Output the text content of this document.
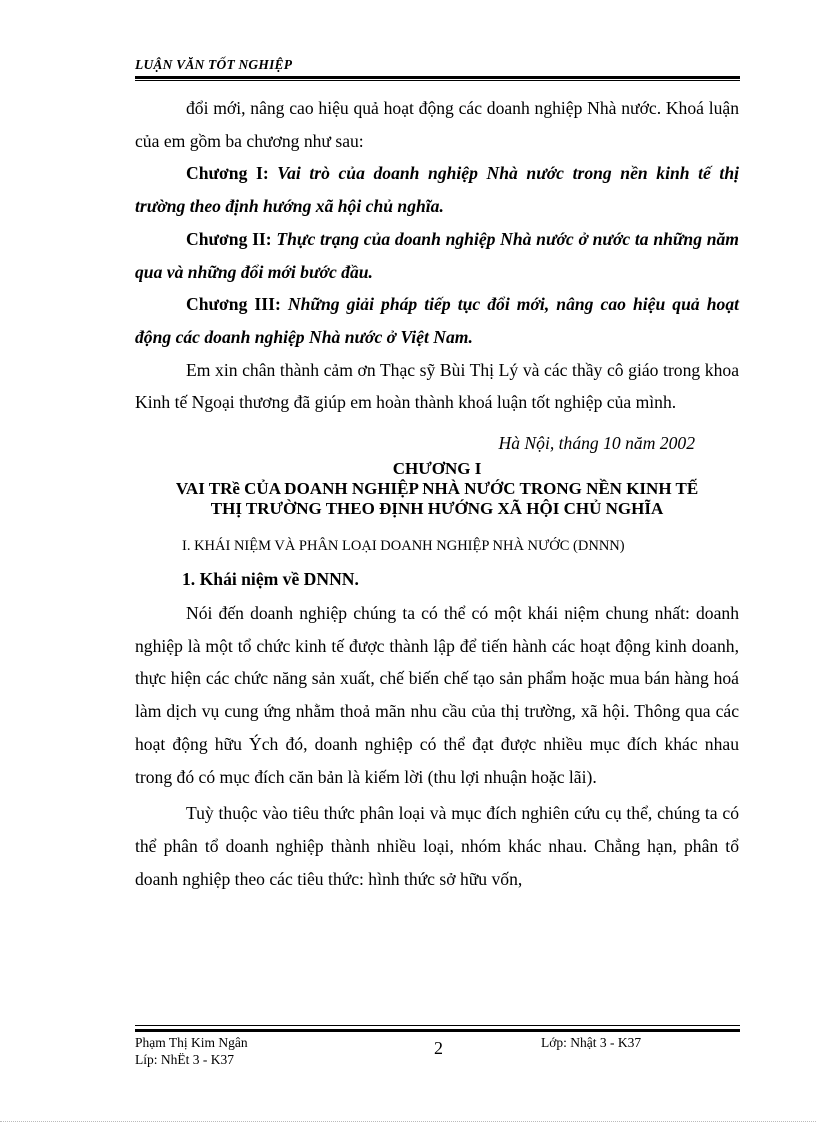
LUẬN VĂN TỐT NGHIỆP

đổi mới, nâng cao hiệu quả hoạt động các doanh nghiệp Nhà nước. Khoá luận của em gồm ba chương như sau:

Chương I: Vai trò của doanh nghiệp Nhà nước trong nền kinh tế thị trường theo định hướng xã hội chủ nghĩa.

Chương II: Thực trạng của doanh nghiệp Nhà nước ở nước ta những năm qua và những đổi mới bước đầu.

Chương III: Những giải pháp tiếp tục đổi mới, nâng cao hiệu quả hoạt động các doanh nghiệp Nhà nước ở Việt Nam.

Em xin chân thành cảm ơn Thạc sỹ Bùi Thị Lý và các thầy cô giáo trong khoa Kinh tế Ngoại thương đã giúp em hoàn thành khoá luận tốt nghiệp của mình.

Hà Nội, tháng 10 năm 2002

CHƯƠNG I

VAI TRề CỦA DOANH NGHIỆP NHÀ NƯỚC TRONG NỀN KINH TẾ

THỊ TRƯỜNG THEO ĐỊNH HƯỚNG XÃ HỘI CHỦ NGHĨA

I. KHÁI NIỆM VÀ PHÂN LOẠI DOANH NGHIỆP NHÀ NƯỚC (DNNN)

1. Khái niệm về DNNN.

Nói đến doanh nghiệp chúng ta có thể có một khái niệm chung nhất: doanh nghiệp là một tổ chức kinh tế được thành lập để tiến hành các hoạt động kinh doanh, thực hiện các chức năng sản xuất, chế biến chế tạo sản phẩm hoặc mua bán hàng hoá làm dịch vụ cung ứng nhằm thoả mãn nhu cầu của thị trường, xã hội. Thông qua các hoạt động hữu Ých đó, doanh nghiệp có thể đạt được nhiều mục đích khác nhau trong đó có mục đích căn bản là kiếm lời (thu lợi nhuận hoặc lãi).

Tuỳ thuộc vào tiêu thức phân loại và mục đích nghiên cứu cụ thể, chúng ta có thể phân tổ doanh nghiệp thành nhiều loại, nhóm khác nhau. Chẳng hạn, phân tổ doanh nghiệp theo các tiêu thức: hình thức sở hữu vốn,

Phạm Thị Kim Ngân
Líp: NhËt 3 - K37
2	Lớp: Nhật 3 - K37
